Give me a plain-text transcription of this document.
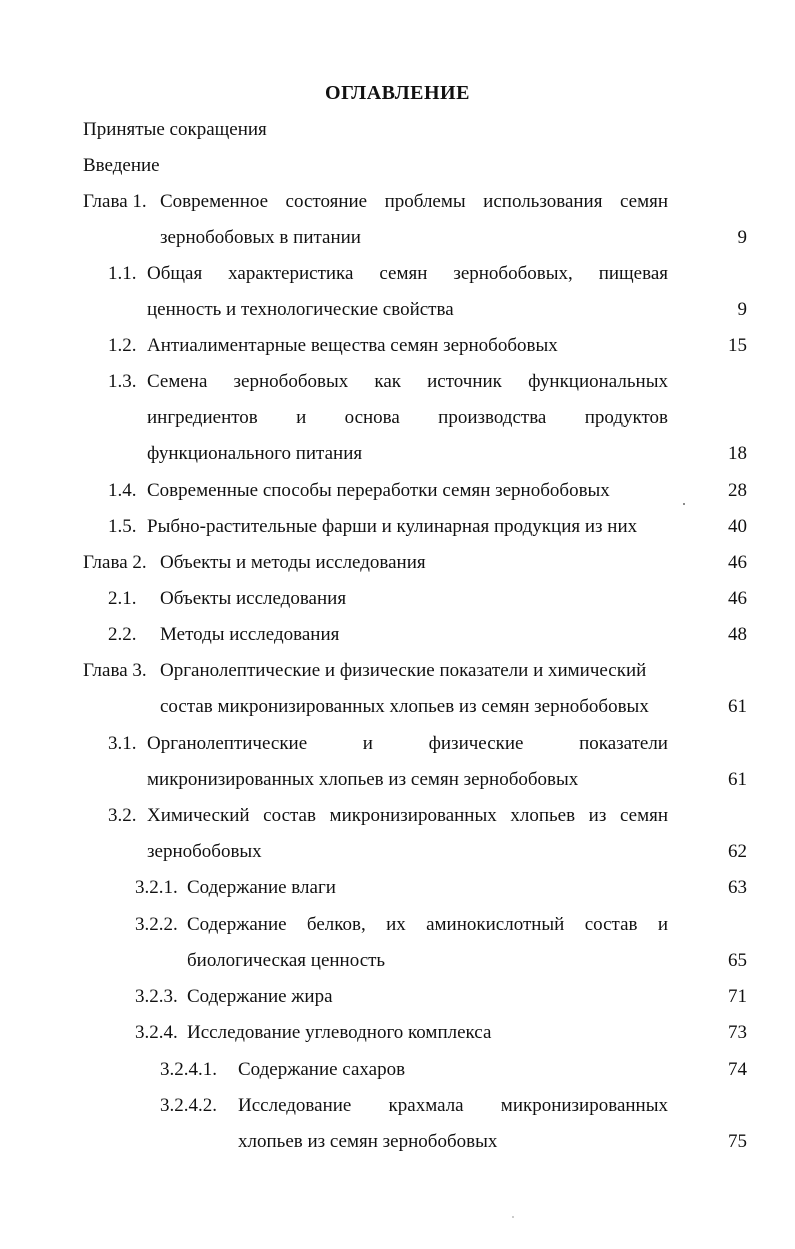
ОГЛАВЛЕНИЕ
Принятые сокращения
Введение
Глава 1. Современное состояние проблемы использования семян
зернобобовых в питании	9
1.1. Общая характеристика семян зернобобовых, пищевая
ценность и технологические свойства	9
1.2. Антиалиментарные вещества семян зернобобовых	15
1.3. Семена зернобобовых как источник функциональных
ингредиентов и основа производства продуктов
функционального питания	18
1.4. Современные способы переработки семян зернобобовых	28
1.5. Рыбно-растительные фарши и кулинарная продукция из них	40
Глава 2. Объекты и методы исследования	46
2.1. Объекты исследования	46
2.2. Методы исследования	48
Глава 3. Органолептические и физические показатели и химический
состав микронизированных хлопьев из семян зернобобовых	61
3.1. Органолептические	и	физические	показатели
микронизированных хлопьев из семян зернобобовых	61
3.2. Химический состав микронизированных хлопьев из семян
зернобобовых	62
3.2.1. Содержание влаги	63
3.2.2. Содержание белков, их аминокислотный состав и
биологическая ценность	65
3.2.3. Содержание жира	71
3.2.4. Исследование углеводного комплекса	73
3.2.4.1. Содержание сахаров	74
3.2.4.2. Исследование крахмала микронизированных
хлопьев из семян зернобобовых	75
